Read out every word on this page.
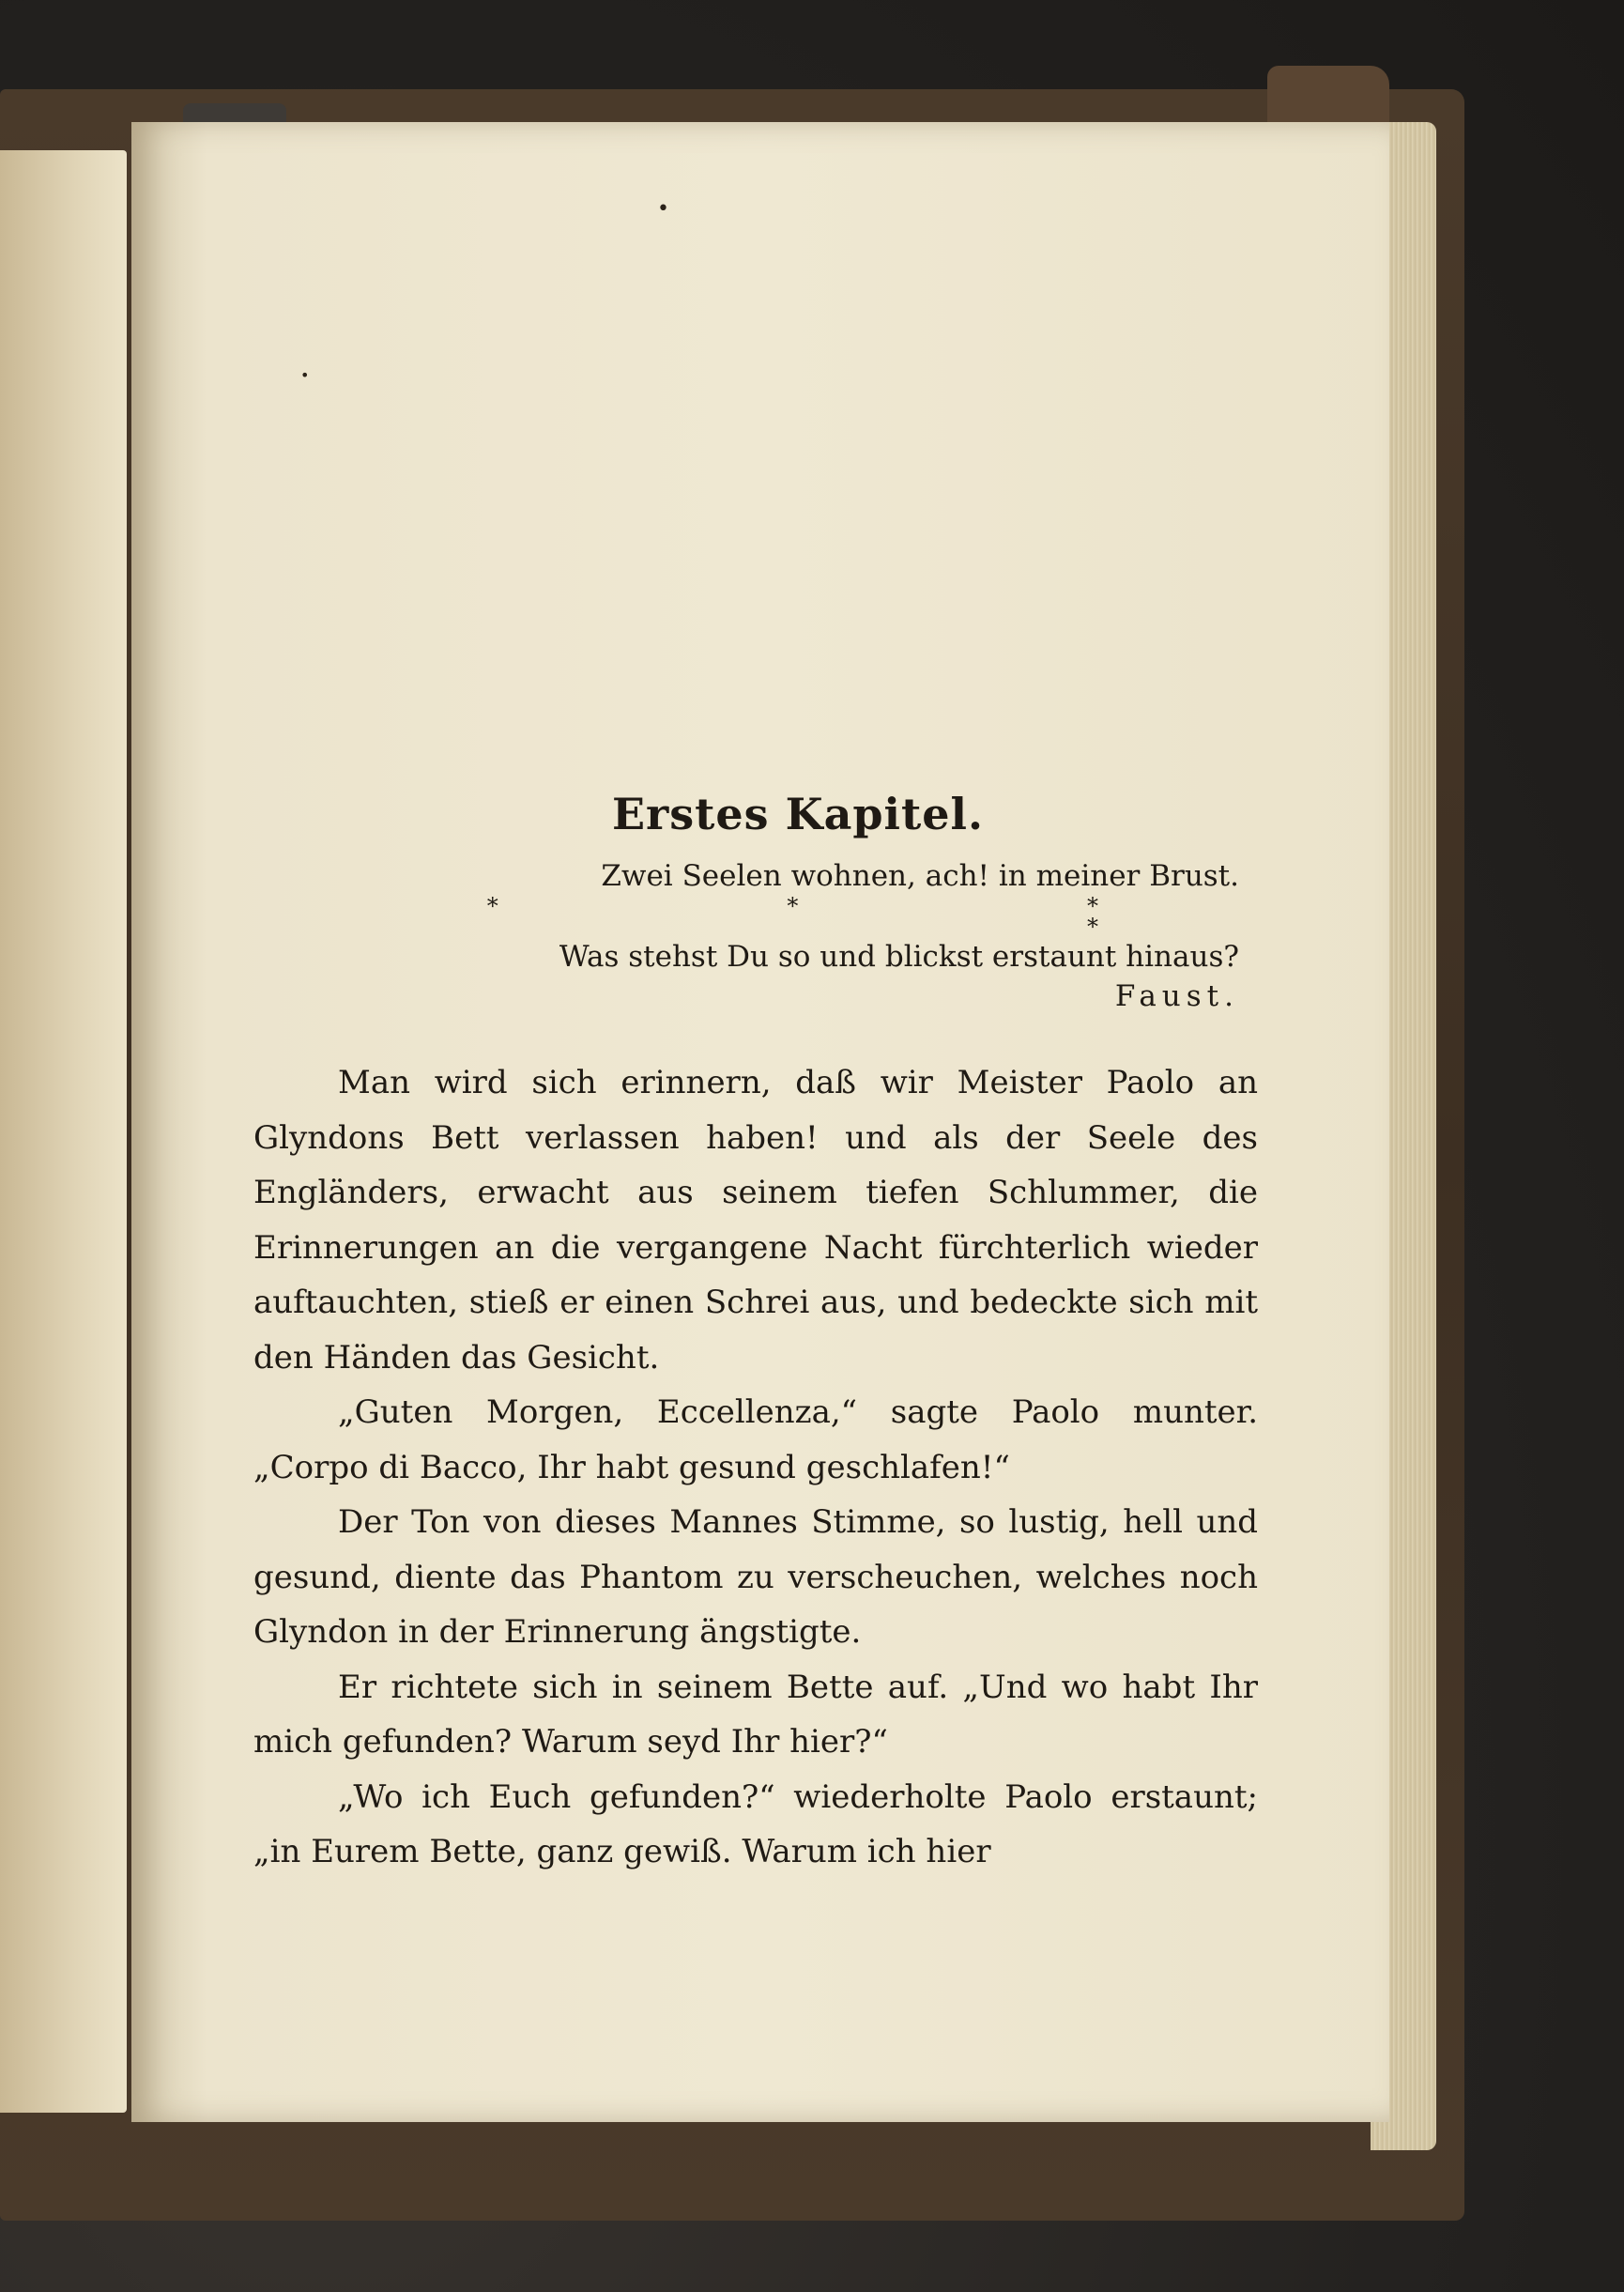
•
•
Erstes Kapitel.
Zwei Seelen wohnen, ach! in meiner Brust.
* * * *
Was stehst Du so und blickst erstaunt hinaus?
Faust.

Man wird sich erinnern, daß wir Meister Paolo an Glyndons Bett verlassen haben! und als der Seele des Engländers, erwacht aus seinem tiefen Schlummer, die Erinnerungen an die vergangene Nacht fürchterlich wieder auftauchten, stieß er einen Schrei aus, und bedeckte sich mit den Händen das Gesicht.

„Guten Morgen, Eccellenza,“ sagte Paolo munter. „Corpo di Bacco, Ihr habt gesund geschlafen!“

Der Ton von dieses Mannes Stimme, so lustig, hell und gesund, diente das Phantom zu verscheuchen, welches noch Glyndon in der Erinnerung ängstigte.

Er richtete sich in seinem Bette auf. „Und wo habt Ihr mich gefunden? Warum seyd Ihr hier?“

„Wo ich Euch gefunden?“ wiederholte Paolo erstaunt; „in Eurem Bette, ganz gewiß. Warum ich hier
